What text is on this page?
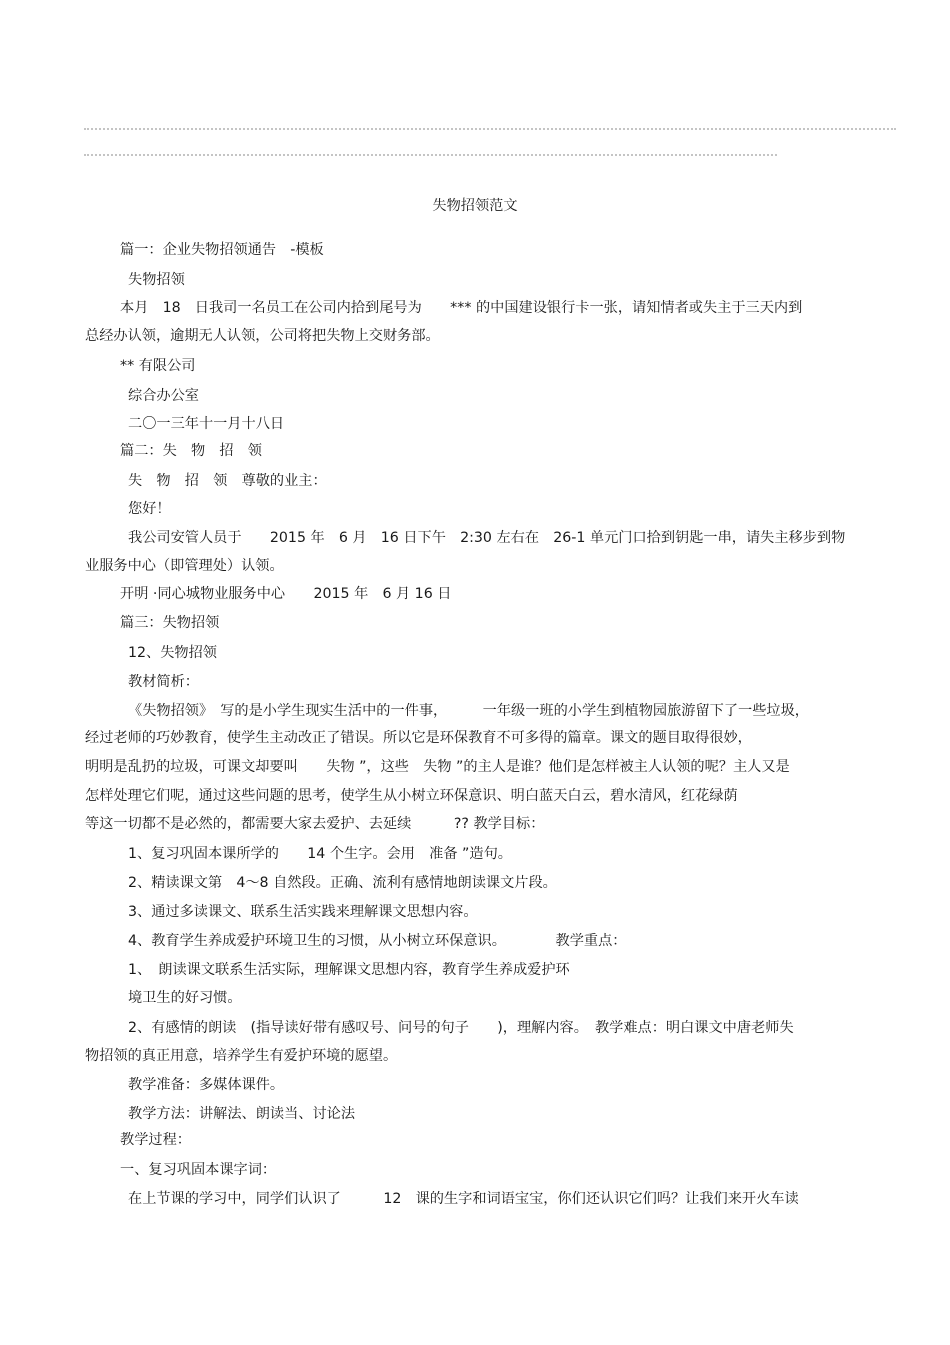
失物招领范文
篇一：企业失物招领通告　-模板
失物招领
本月　18　日我司一名员工在公司内拾到尾号为　　*** 的中国建设银行卡一张，请知情者或失主于三天内到
总经办认领，逾期无人认领，公司将把失物上交财务部。
** 有限公司
综合办公室
二〇一三年十一月十八日
篇二：失　物　招　领
失　物　招　领　尊敬的业主：
您好！
我公司安管人员于　　2015 年　6 月　16 日下午　2:30 左右在　26-1 单元门口拾到钥匙一串，请失主移步到物
业服务中心（即管理处）认领。
开明 ·同心城物业服务中心　　2015 年　6 月 16 日
篇三：失物招领
12、失物招领
教材简析：
《失物招领》　写的是小学生现实生活中的一件事，　　　一年级一班的小学生到植物园旅游留下了一些垃圾，
经过老师的巧妙教育，使学生主动改正了错误。所以它是环保教育不可多得的篇章。课文的题目取得很妙，
明明是乱扔的垃圾，可课文却要叫　　失物 ”，这些　失物 ”的主人是谁？他们是怎样被主人认领的呢？主人又是
怎样处理它们呢，通过这些问题的思考，使学生从小树立环保意识、明白蓝天白云，碧水清风，红花绿荫
等这一切都不是必然的，都需要大家去爱护、去延续　　　?? 教学目标：
1、复习巩固本课所学的　　14 个生字。会用　准备 ”造句。
2、精读课文第　4～8 自然段。正确、流利有感情地朗读课文片段。
3、通过多读课文、联系生活实践来理解课文思想内容。
4、教育学生养成爱护环境卫生的习惯，从小树立环保意识。　　　　教学重点：
1、　朗读课文联系生活实际，理解课文思想内容，教育学生养成爱护环
境卫生的好习惯。
2、有感情的朗读　(指导读好带有感叹号、问号的句子　　)，理解内容。　教学难点：明白课文中唐老师失
物招领的真正用意，培养学生有爱护环境的愿望。
教学准备：多媒体课件。
教学方法：讲解法、朗读当、讨论法
教学过程：
一、复习巩固本课字词：
在上节课的学习中，同学们认识了　　　12　课的生字和词语宝宝，你们还认识它们吗？让我们来开火车读
